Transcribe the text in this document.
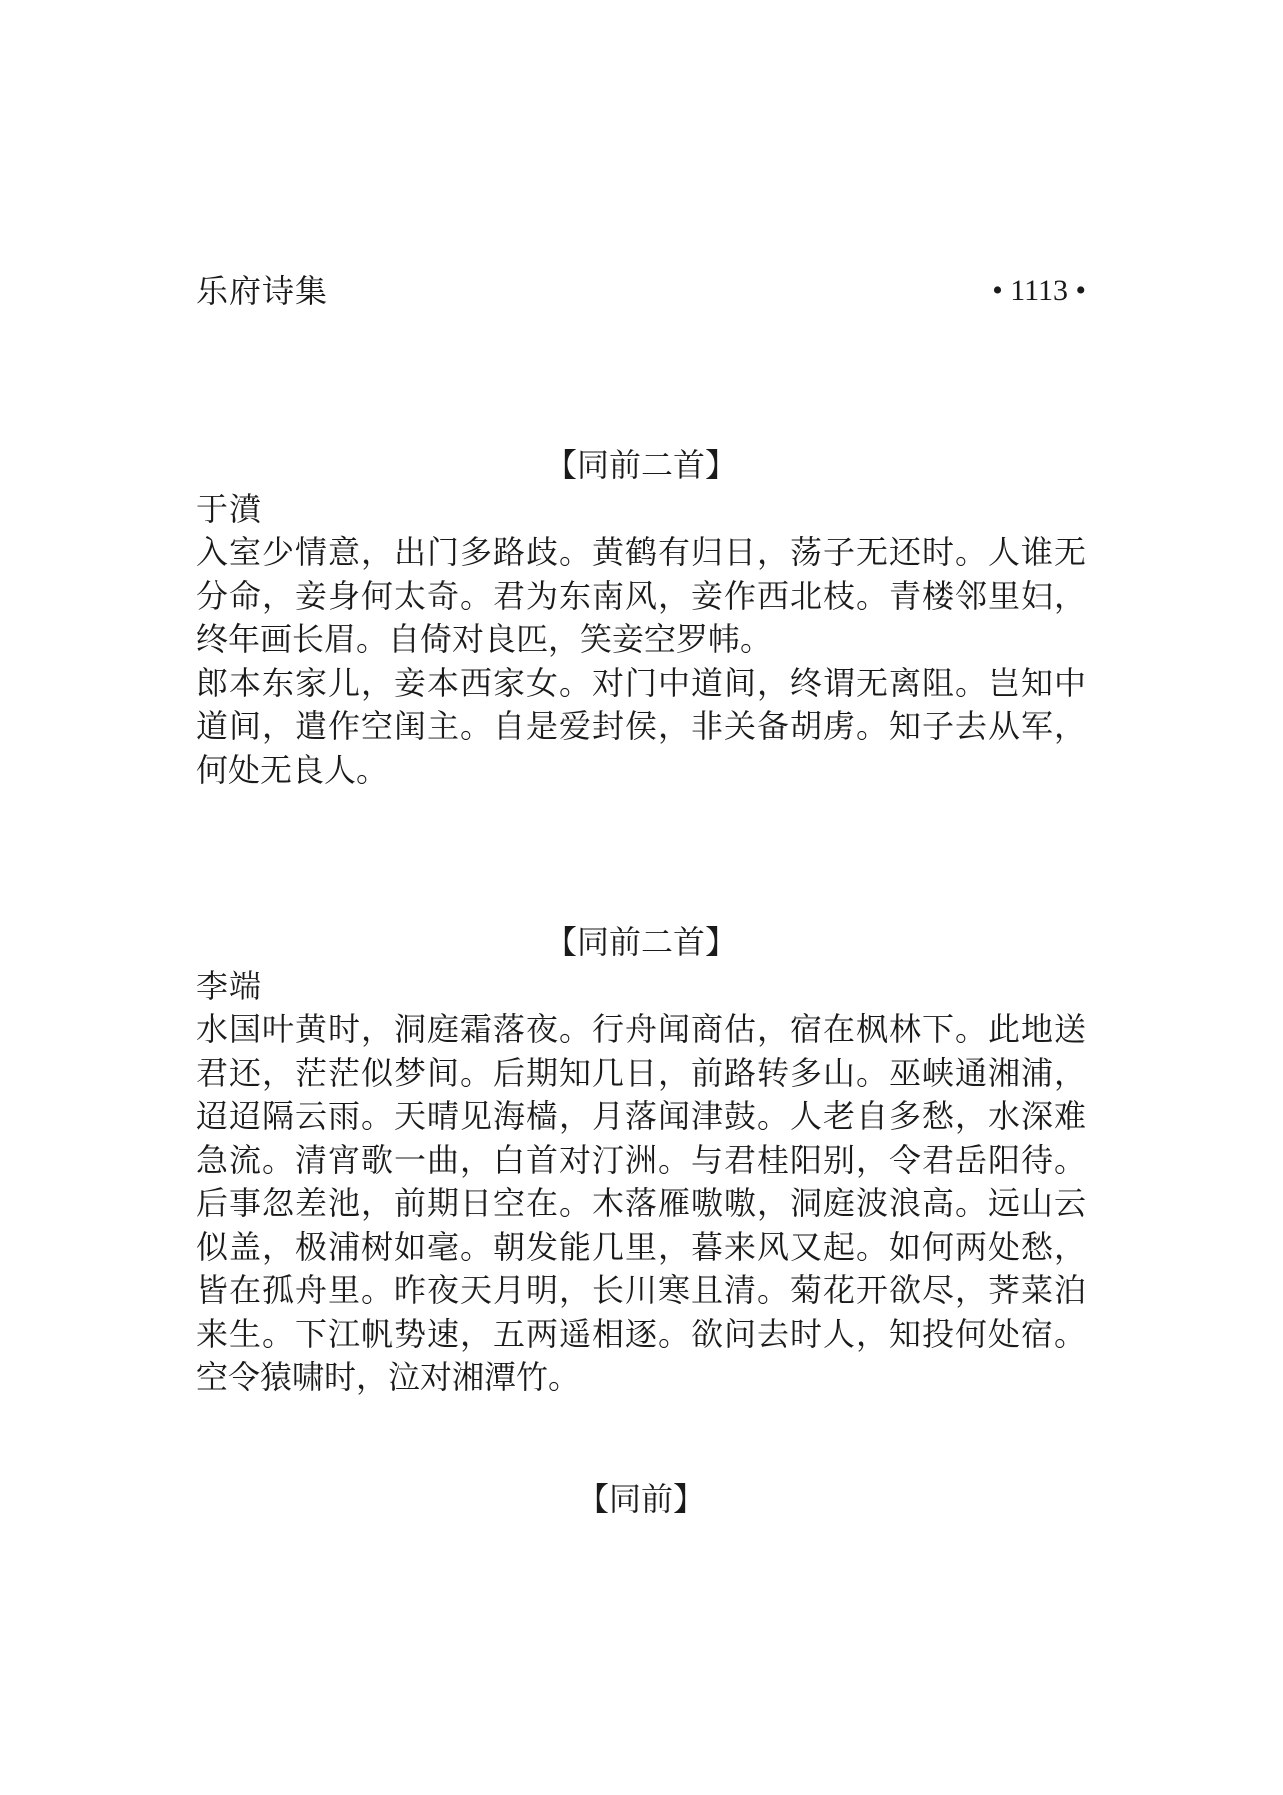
乐府诗集	• 1113 •
【同前二首】

于濆

入室少情意，出门多路歧。黄鹤有归日，荡子无还时。人谁无分命，妾身何太奇。君为东南风，妾作西北枝。青楼邻里妇，终年画长眉。自倚对良匹，笑妾空罗帏。

郎本东家儿，妾本西家女。对门中道间，终谓无离阻。岂知中道间，遣作空闺主。自是爱封侯，非关备胡虏。知子去从军，何处无良人。

【同前二首】

李端

水国叶黄时，洞庭霜落夜。行舟闻商估，宿在枫林下。此地送君还，茫茫似梦间。后期知几日，前路转多山。巫峡通湘浦，迢迢隔云雨。天晴见海樯，月落闻津鼓。人老自多愁，水深难急流。清宵歌一曲，白首对汀洲。与君桂阳别，令君岳阳待。后事忽差池，前期日空在。木落雁嗷嗷，洞庭波浪高。远山云似盖，极浦树如毫。朝发能几里，暮来风又起。如何两处愁，皆在孤舟里。昨夜天月明，长川寒且清。菊花开欲尽，荠菜泊来生。下江帆势速，五两遥相逐。欲问去时人，知投何处宿。空令猿啸时，泣对湘潭竹。

【同前】
